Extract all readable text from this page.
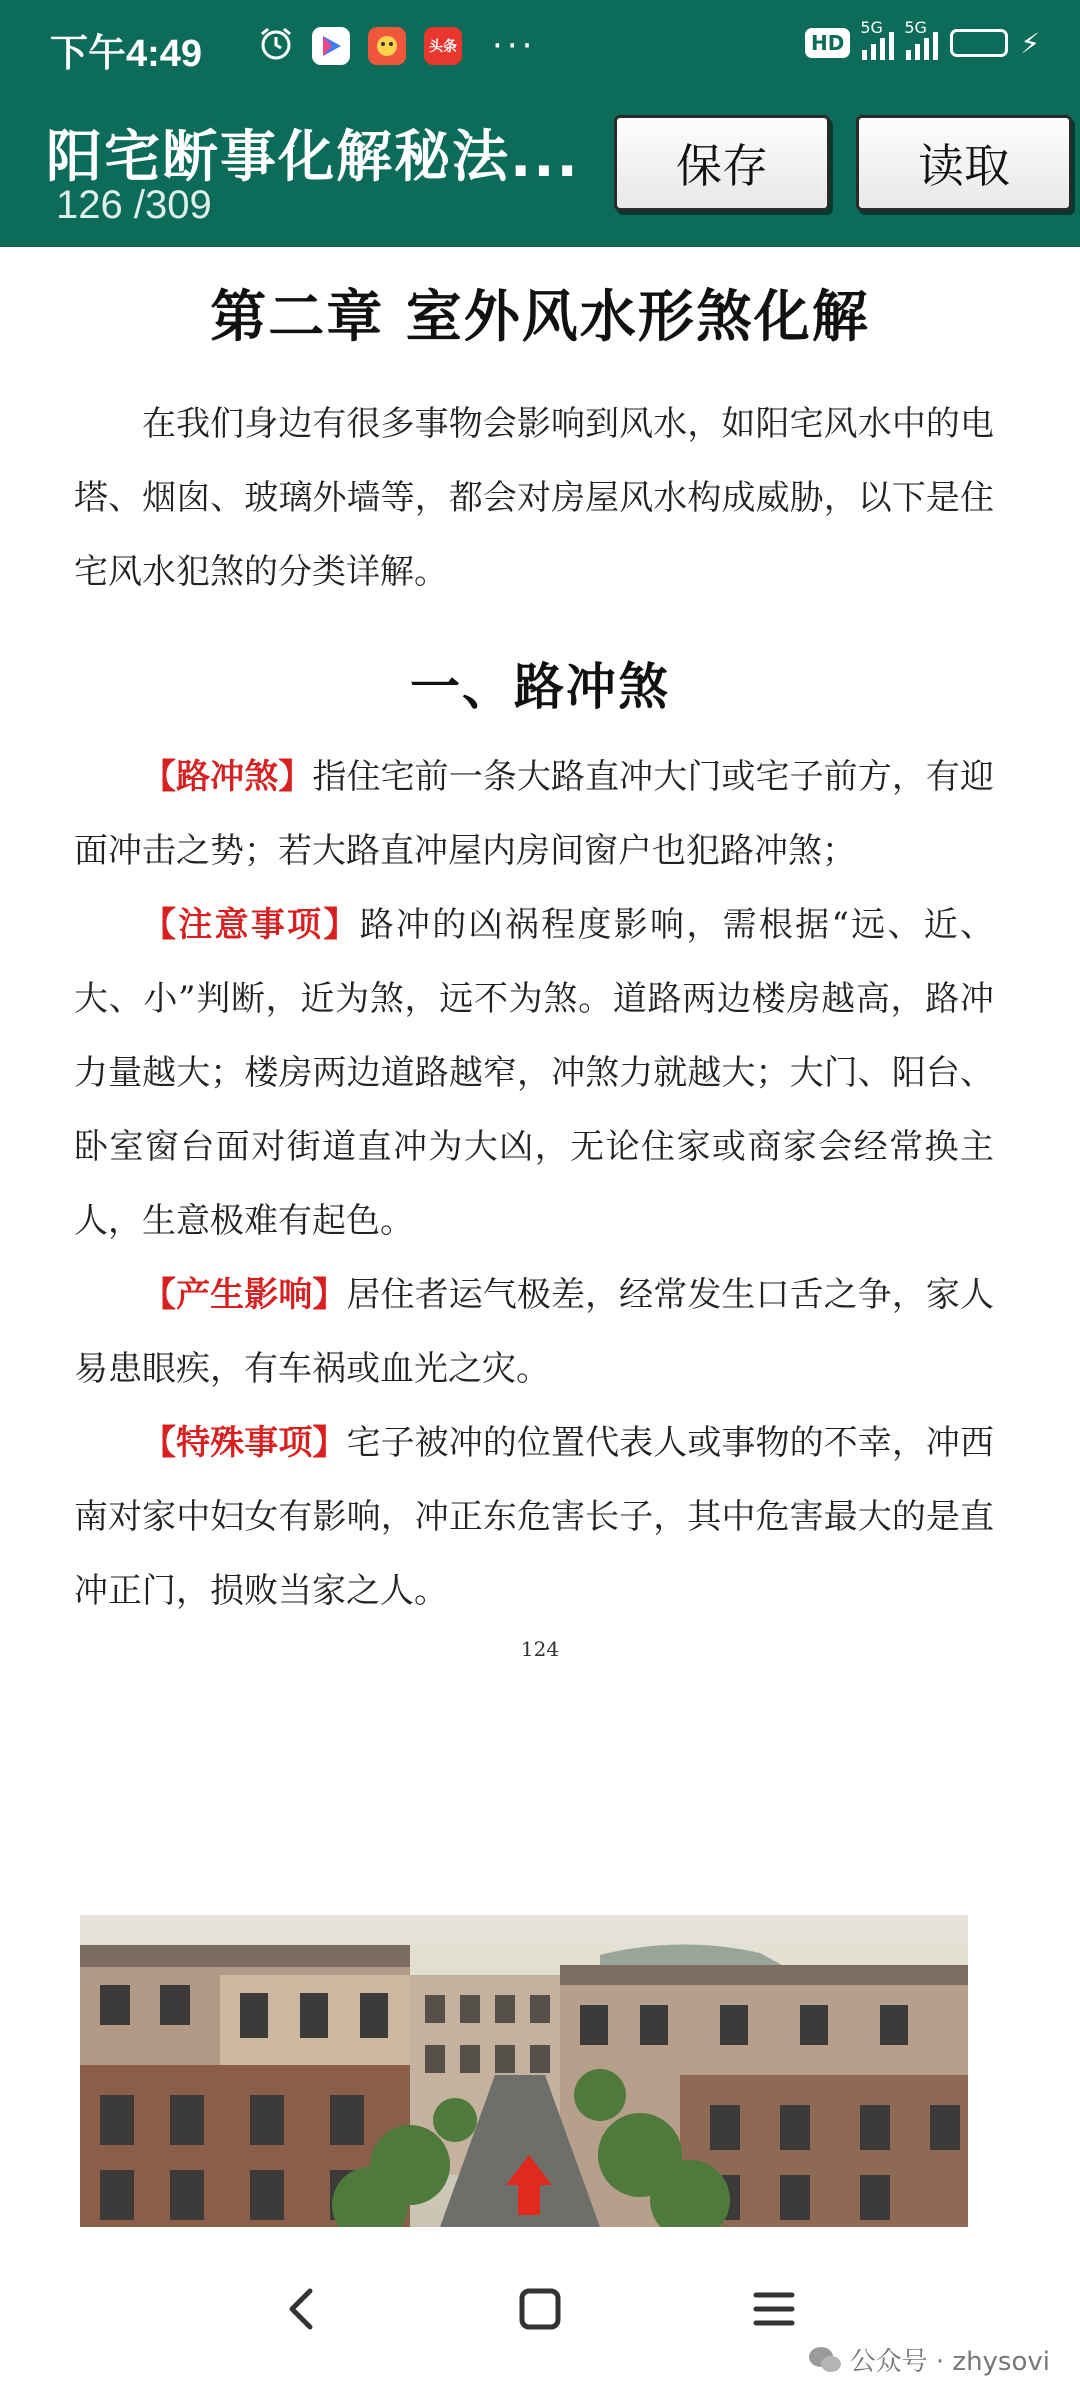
下午4:49	头条 ···	HD
5G 5G
43 ⚡
阳宅断事化解秘法...
126 /309
保存	读取
第二章 室外风水形煞化解
在我们身边有很多事物会影响到风水，如阳宅风水中的电塔、烟囱、玻璃外墙等，都会对房屋风水构成威胁，以下是住宅风水犯煞的分类详解。
一、路冲煞
【路冲煞】指住宅前一条大路直冲大门或宅子前方，有迎面冲击之势；若大路直冲屋内房间窗户也犯路冲煞；
【注意事项】路冲的凶祸程度影响，需根据“远、近、大、小”判断，近为煞，远不为煞。道路两边楼房越高，路冲力量越大；楼房两边道路越窄，冲煞力就越大；大门、阳台、卧室窗台面对街道直冲为大凶，无论住家或商家会经常换主人，生意极难有起色。
【产生影响】居住者运气极差，经常发生口舌之争，家人易患眼疾，有车祸或血光之灾。
【特殊事项】宅子被冲的位置代表人或事物的不幸，冲西南对家中妇女有影响，冲正东危害长子，其中危害最大的是直冲正门，损败当家之人。
124
公众号 · zhysovi
